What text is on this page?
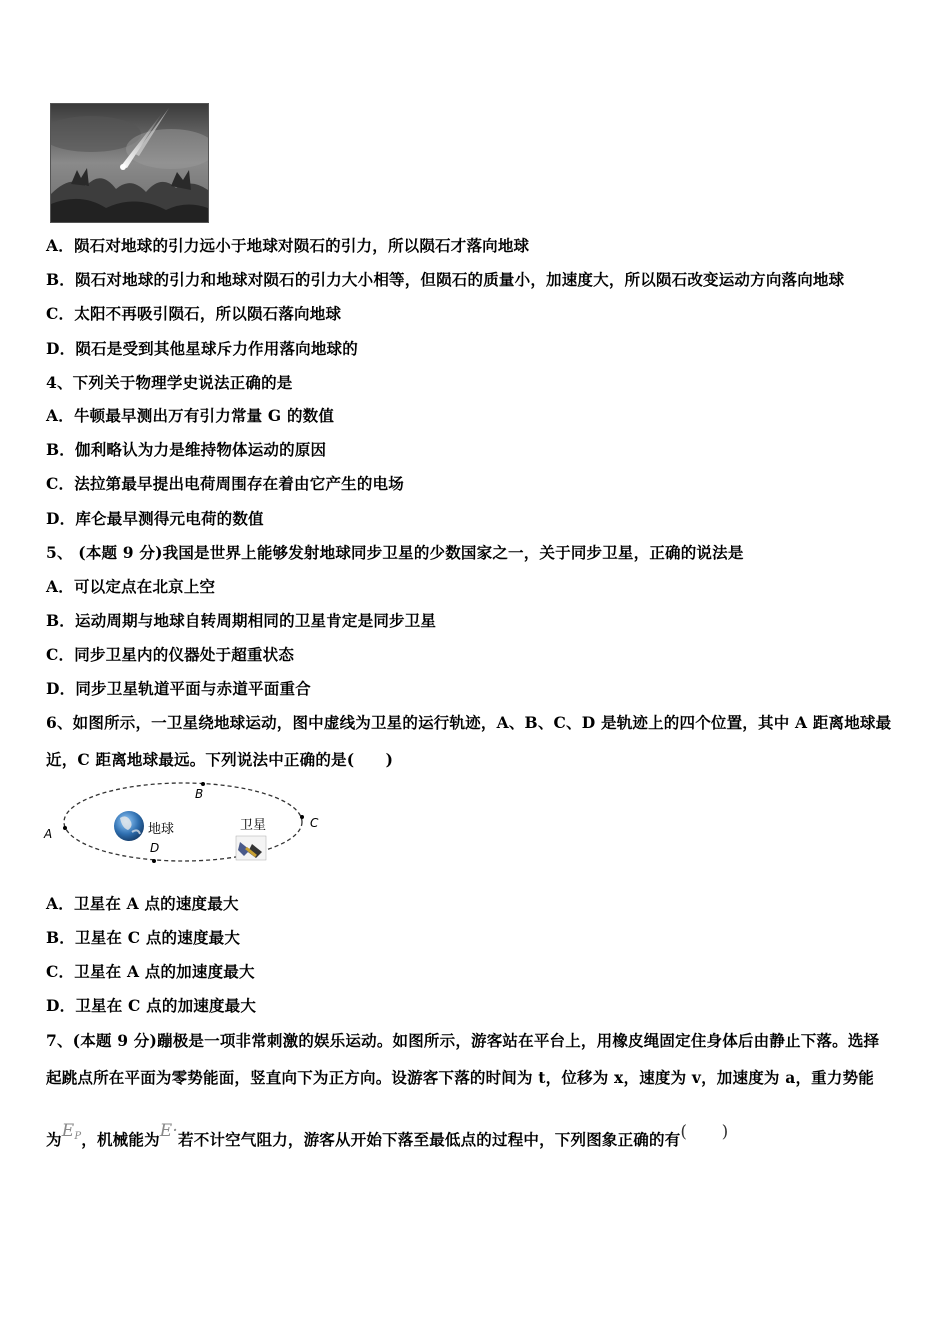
A．陨石对地球的引力远小于地球对陨石的引力，所以陨石才落向地球
B．陨石对地球的引力和地球对陨石的引力大小相等，但陨石的质量小，加速度大，所以陨石改变运动方向落向地球
C．太阳不再吸引陨石，所以陨石落向地球
D．陨石是受到其他星球斥力作用落向地球的
4、下列关于物理学史说法正确的是
A．牛顿最早测出万有引力常量 G 的数值
B．伽利略认为力是维持物体运动的原因
C．法拉第最早提出电荷周围存在着由它产生的电场
D．库仑最早测得元电荷的数值
5、 (本题 9 分)我国是世界上能够发射地球同步卫星的少数国家之一，关于同步卫星，正确的说法是
A．可以定点在北京上空
B．运动周期与地球自转周期相同的卫星肯定是同步卫星
C．同步卫星内的仪器处于超重状态
D．同步卫星轨道平面与赤道平面重合
6、如图所示，一卫星绕地球运动，图中虚线为卫星的运行轨迹，A、B、C、D 是轨迹上的四个位置，其中 A 距离地球最
近，C 距离地球最远。下列说法中正确的是(　　)
A
B
C
D
地球	卫星
A．卫星在 A 点的速度最大
B．卫星在 C 点的速度最大
C．卫星在 A 点的加速度最大
D．卫星在 C 点的加速度最大
7、(本题 9 分)蹦极是一项非常刺激的娱乐运动。如图所示，游客站在平台上，用橡皮绳固定住身体后由静止下落。选择
起跳点所在平面为零势能面，竖直向下为正方向。设游客下落的时间为 t，位移为 x，速度为 v，加速度为 a，重力势能
为EP，机械能为E·若不计空气阻力，游客从开始下落至最低点的过程中，下列图象正确的有(　　)
